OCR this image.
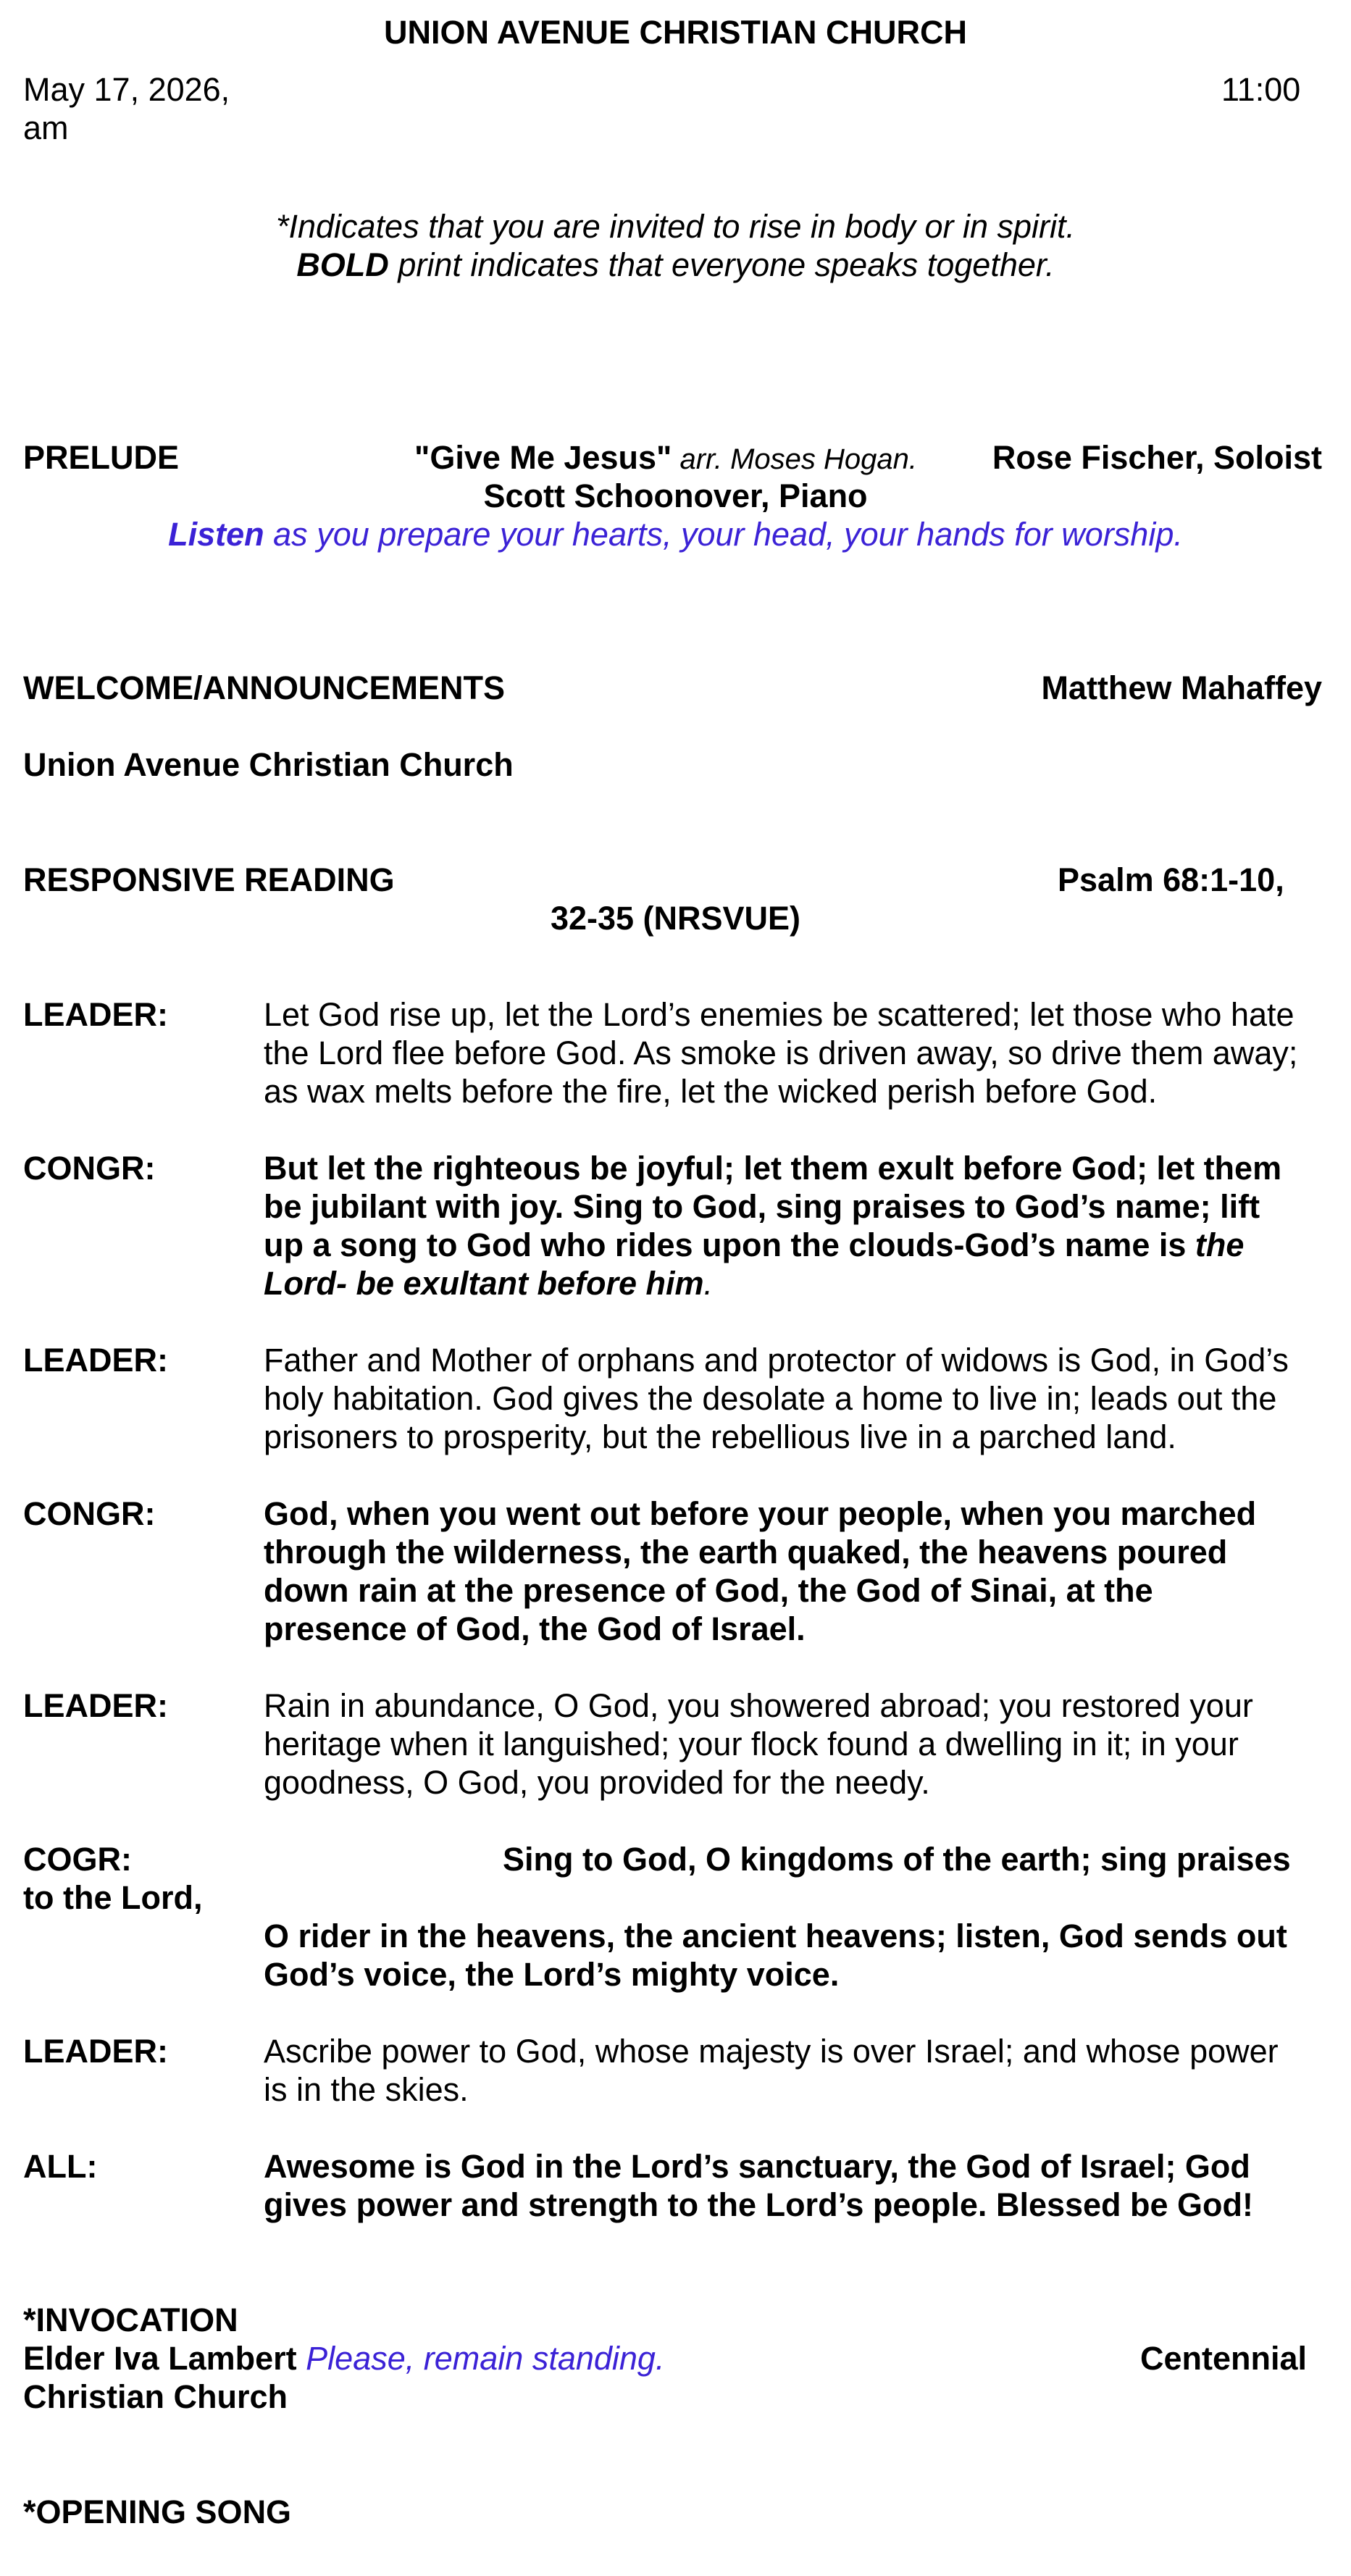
UNION AVENUE CHRISTIAN CHURCH
May 17, 2026,	11:00
am
*Indicates that you are invited to rise in body or in spirit.
BOLD print indicates that everyone speaks together.
PRELUDE	"Give Me Jesus" arr. Moses Hogan. Rose Fischer, Soloist
Scott Schoonover, Piano
Listen as you prepare your hearts, your head, your hands for worship.
WELCOME/ANNOUNCEMENTS	Matthew Mahaffey
Union Avenue Christian Church
RESPONSIVE READING	Psalm 68:1-10,
32-35 (NRSVUE)
LEADER:	Let God rise up, let the Lord’s enemies be scattered; let those who hate
the Lord flee before God. As smoke is driven away, so drive them away;
as wax melts before the fire, let the wicked perish before God.
CONGR:	But let the righteous be joyful; let them exult before God; let them
be jubilant with joy. Sing to God, sing praises to God’s name; lift
up a song to God who rides upon the clouds-God’s name is the
Lord- be exultant before him.
LEADER:	Father and Mother of orphans and protector of widows is God, in God’s
holy habitation. God gives the desolate a home to live in; leads out the
prisoners to prosperity, but the rebellious live in a parched land.
CONGR:	God, when you went out before your people, when you marched
through the wilderness, the earth quaked, the heavens poured
down rain at the presence of God, the God of Sinai, at the
presence of God, the God of Israel.
LEADER:	Rain in abundance, O God, you showered abroad; you restored your
heritage when it languished; your flock found a dwelling in it; in your
goodness, O God, you provided for the needy.
COGR:	Sing to God, O kingdoms of the earth; sing praises
to the Lord,
O rider in the heavens, the ancient heavens; listen, God sends out
God’s voice, the Lord’s mighty voice.
LEADER:	Ascribe power to God, whose majesty is over Israel; and whose power
is in the skies.
ALL:	Awesome is God in the Lord’s sanctuary, the God of Israel; God
gives power and strength to the Lord’s people. Blessed be God!
*INVOCATION
Elder Iva Lambert Please, remain standing.	Centennial
Christian Church
*OPENING SONG
